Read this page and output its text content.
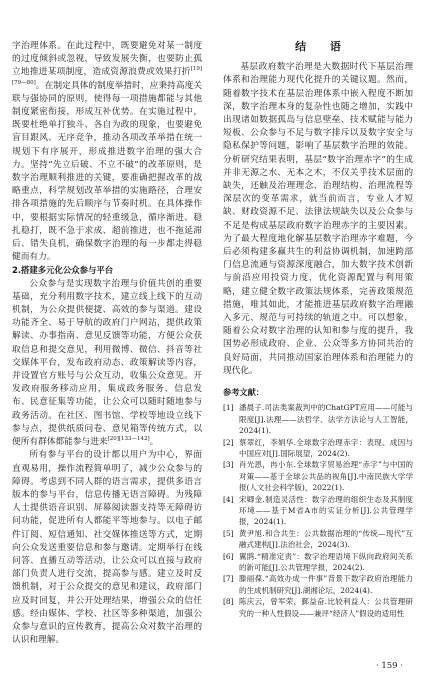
字治理体系。在此过程中，既要避免对某一制度的过度倾斜或忽视，导致发展失衡，也要防止孤立地推进某项制度，造成资源浪费或效果打折[19][79—80]。在制定具体的制度举措时，应秉持高度关联与强协同的原则，使得每一项措施都能与其他制度紧密衔接，形成互补优势。在实施过程中，既要杜绝单打独斗、各自为政的现象，也要避免盲目跟风、无序竞争，推动各项改革举措在统一规划下有序展开，形成推进数字治理的强大合力。坚持“先立后破、不立不破”的改革原则，是数字治理顺利推进的关键，要准确把握改革的战略重点，科学规划改革举措的实施路径，合理安排各项措施的先后顺序与节奏时机。在具体操作中，要根据实际情况的轻重缓急，循序渐进、稳扎稳打，既不急于求成、超前推进，也不拖延滞后、错失良机，确保数字治理的每一步都走得稳健而有力。

2.搭建多元化公众参与平台

公众参与是实现数字治理与价值共创的重要基础，充分利用数字技术，建立线上线下的互动机制，为公众提供便捷、高效的参与渠道。建设功能齐全、易于导航的政府门户网站，提供政策解读、办事指南、意见反馈等功能，方便公众获取信息和提交意见，利用微博、微信、抖音等社交媒体平台，发布政府动态、政策解读等内容，并设置官方账号与公众互动，收集公众意见。开发政府服务移动应用，集成政务服务、信息发布、民意征集等功能，让公众可以随时随地参与政务活动。在社区、图书馆、学校等地设立线下参与点，提供纸质问卷、意见箱等传统方式，以便所有群体都能参与进来[20][133—142]。

所有参与平台的设计都以用户为中心，界面直观易用，操作流程简单明了，减少公众参与的障碍。考虑到不同人群的语言需求，提供多语言版本的参与平台，信息传播无语言障碍。为残障人士提供语音识别、屏幕阅读器支持等无障碍访问功能，促进所有人都能平等地参与。以电子邮件订阅、短信通知、社交媒体推送等方式，定期向公众发送重要信息和参与邀请。定期举行在线问答、直播互动等活动，让公众可以直接与政府部门负责人进行交流，提高参与感。建立及时反馈机制，对于公众提交的意见和建议，政府部门应及时回复，并公开处理结果，增强公众的信任感。经由媒体、学校、社区等多种渠道，加强公众参与意识的宣传教育，提高公众对数字治理的认识和理解。

结 语

基层政府数字治理是大数据时代下基层治理体系和治理能力现代化提升的关键议题。然而，随着数字技术在基层治理体系中嵌入程度不断加深，数字治理本身的复杂性也随之增加，实践中出现诸如数据孤岛与信息壁垒、技术赋能与能力短板、公众参与不足与数字排斥以及数字安全与隐私保护等问题，影响了基层数字治理的效能。分析研究结果表明，基层“数字治理赤字”的生成并非无源之水、无本之木，不仅关乎技术层面的缺失，还触及治理理念、治理结构、治理流程等深层次的变革需求，就当前而言，专业人才短缺、财政资源不足、法律法规缺失以及公众参与不足是构成基层政府数字治理赤字的主要因素。为了最大程度地化解基层数字治理赤字难题，今后必须构建多赢共生的利益协调机制，加速跨部门信息流通与资源深度融合，加大数字技术创新与前沿应用投资力度，优化资源配置与利用策略，建立健全数字政策法规体系，完善政策规范措施，唯其如此，才能推进基层政府数字治理融入多元、规范与可持续的轨道之中。可以想象，随着公众对数字治理的认知和参与度的提升，我国势必形成政府、企业、公众等多方协同共治的良好局面，共同推动国家治理体系和治理能力的现代化。

参考文献：
[1] 潘晨子.司法类案裁判中的ChatGPT应用——可能与限度[J].法理——法哲学、法学方法论与人工智能，2024(1).
[2] 蔡翠红，李娟华.全球数字治理赤字：表现、成因与中国应对[J].国际展望，2024(2).
[3] 肖光恩，冉小东.全球数字贸易治理“赤字”与中国的对策——基于全球公共品的视角[J].中南民族大学学报(人文社会科学版)，2022(1).
[4] 宋卿金.制造灵活性：数字治理的组织生态及其制度环境——基于M省A市的实证分析[J].公共管理学报，2024(1).
[5] 黄尹旭.和合共生：公共数据治理的“传统—现代”互融式建构[J].法治社会，2024(3).
[6] 翼鹍.“精准定责”：数字治理语境下纵向政府间关系的新可能[J].公共管理学报，2024(2).
[7] 滕丽葆.“高效办成一件事”背景下数字政府治理能力的生成机制研究[J].湖湘论坛，2024(4).
[8] 陈庆云，曾军荣，鄞益奋.比较利益人：公共管理研究的一种人性假设——兼评“经济人”假设的适用性
· 159 ·
